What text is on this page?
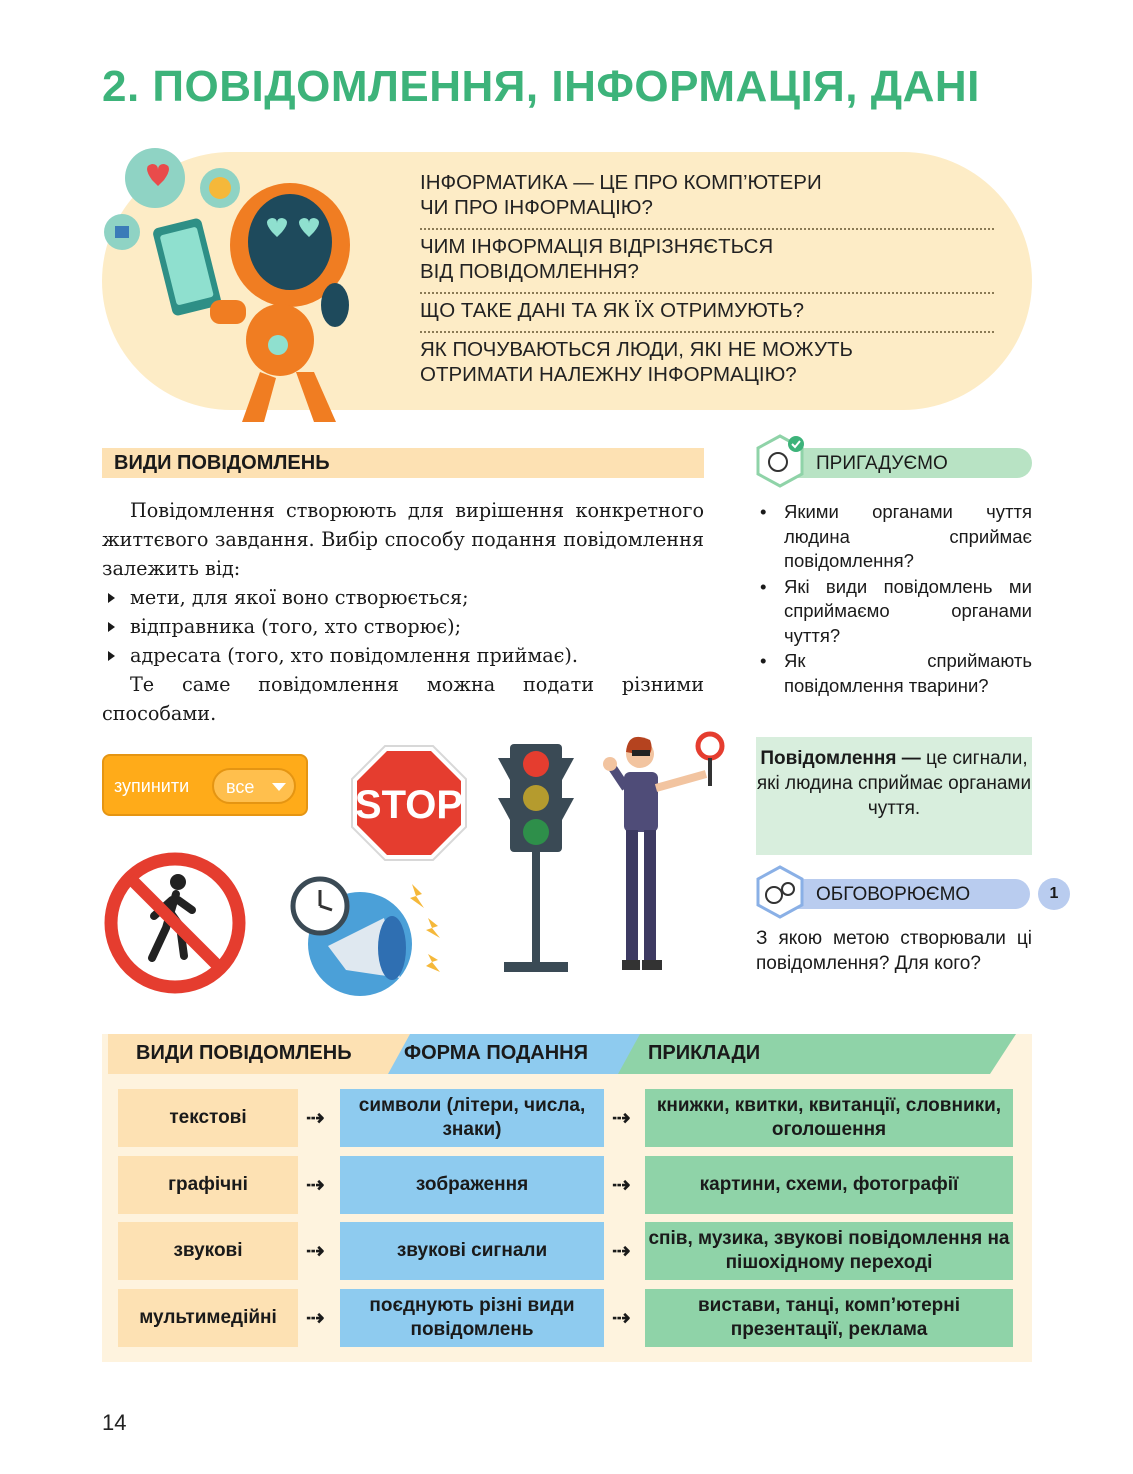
2. ПОВІДОМЛЕННЯ, ІНФОРМАЦІЯ, ДАНІ
ІНФОРМАТИКА — ЦЕ ПРО КОМП’ЮТЕРИ
ЧИ ПРО ІНФОРМАЦІЮ?
ЧИМ ІНФОРМАЦІЯ ВІДРІЗНЯЄТЬСЯ
ВІД ПОВІДОМЛЕННЯ?
ЩО ТАКЕ ДАНІ ТА ЯК ЇХ ОТРИМУЮТЬ?
ЯК ПОЧУВАЮТЬСЯ ЛЮДИ, ЯКІ НЕ МОЖУТЬ
ОТРИМАТИ НАЛЕЖНУ ІНФОРМАЦІЮ?
ВИДИ ПОВІДОМЛЕНЬ

Повідомлення створюють для вирішення конкретного життєвого завдання. Вибір способу подання повідомлення залежить від:

мети, для якої воно створюється;

відправника (того, хто створює);

адресата (того, хто повідомлення приймає).

Те саме повідомлення можна подати різними способами.

ПРИГАДУЄМО
• Якими органами чуття людина сприймає повідомлення?
• Які види повідомлень ми сприймаємо органами чуття?
• Як сприймають повідомлення тварини?
Повідомлення — це сигнали, які людина сприймає органами чуття.
ОБГОВОРЮЄМО	1
З якою метою створювали ці повідомлення? Для кого?
зупинити все	STOP
ВИДИ ПОВІДОМЛЕНЬ	ФОРМА ПОДАННЯ	ПРИКЛАДИ
текстові	⇢	символи (літери, числа, знаки)	⇢	книжки, квитки, квитанції, словники, оголошення
графічні	⇢	зображення	⇢	картини, схеми, фотографії
звукові	⇢	звукові сигнали	⇢ спів, музика, звукові повідомлення на пішохідному переході
мультимедійні	⇢	поєднують різні види повідомлень	⇢	вистави, танці, комп’ютерні презентації, реклама
14
